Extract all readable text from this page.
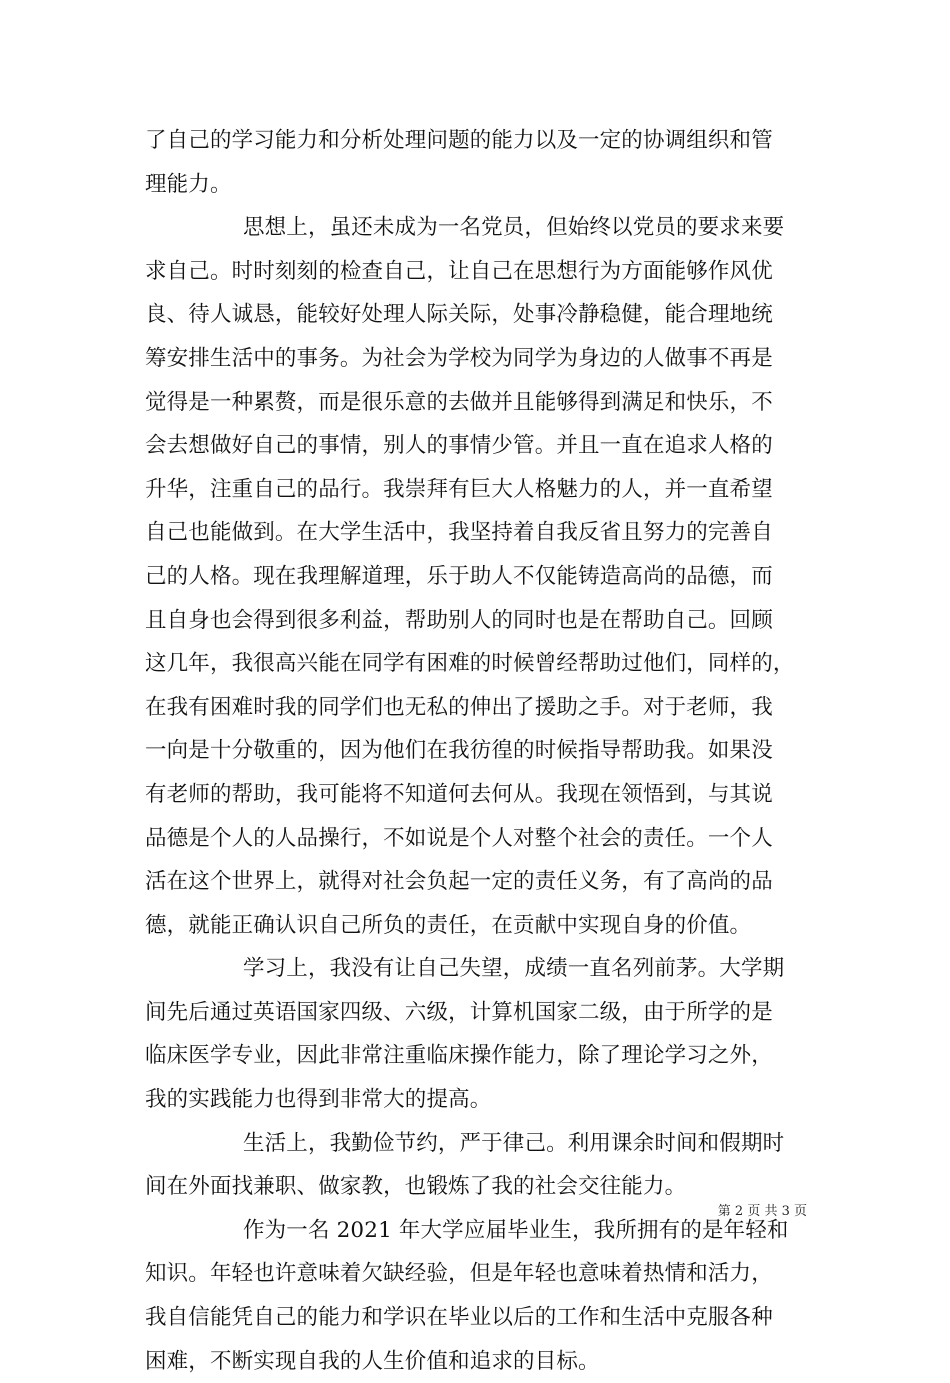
了自己的学习能力和分析处理问题的能力以及一定的协调组织和管
理能力。
思想上，虽还未成为一名党员，但始终以党员的要求来要
求自己。时时刻刻的检查自己，让自己在思想行为方面能够作风优
良、待人诚恳，能较好处理人际关际，处事冷静稳健，能合理地统
筹安排生活中的事务。为社会为学校为同学为身边的人做事不再是
觉得是一种累赘，而是很乐意的去做并且能够得到满足和快乐，不
会去想做好自己的事情，别人的事情少管。并且一直在追求人格的
升华，注重自己的品行。我崇拜有巨大人格魅力的人，并一直希望
自己也能做到。在大学生活中，我坚持着自我反省且努力的完善自
己的人格。现在我理解道理，乐于助人不仅能铸造高尚的品德，而
且自身也会得到很多利益，帮助别人的同时也是在帮助自己。回顾
这几年，我很高兴能在同学有困难的时候曾经帮助过他们，同样的，
在我有困难时我的同学们也无私的伸出了援助之手。对于老师，我
一向是十分敬重的，因为他们在我彷徨的时候指导帮助我。如果没
有老师的帮助，我可能将不知道何去何从。我现在领悟到，与其说
品德是个人的人品操行，不如说是个人对整个社会的责任。一个人
活在这个世界上，就得对社会负起一定的责任义务，有了高尚的品
德，就能正确认识自己所负的责任，在贡献中实现自身的价值。
学习上，我没有让自己失望，成绩一直名列前茅。大学期
间先后通过英语国家四级、六级，计算机国家二级，由于所学的是
临床医学专业，因此非常注重临床操作能力，除了理论学习之外，
我的实践能力也得到非常大的提高。
生活上，我勤俭节约，严于律己。利用课余时间和假期时
间在外面找兼职、做家教，也锻炼了我的社会交往能力。
作为一名 2021 年大学应届毕业生，我所拥有的是年轻和
知识。年轻也许意味着欠缺经验，但是年轻也意味着热情和活力，
我自信能凭自己的能力和学识在毕业以后的工作和生活中克服各种
困难，不断实现自我的人生价值和追求的目标。
第 2 页 共 3 页
